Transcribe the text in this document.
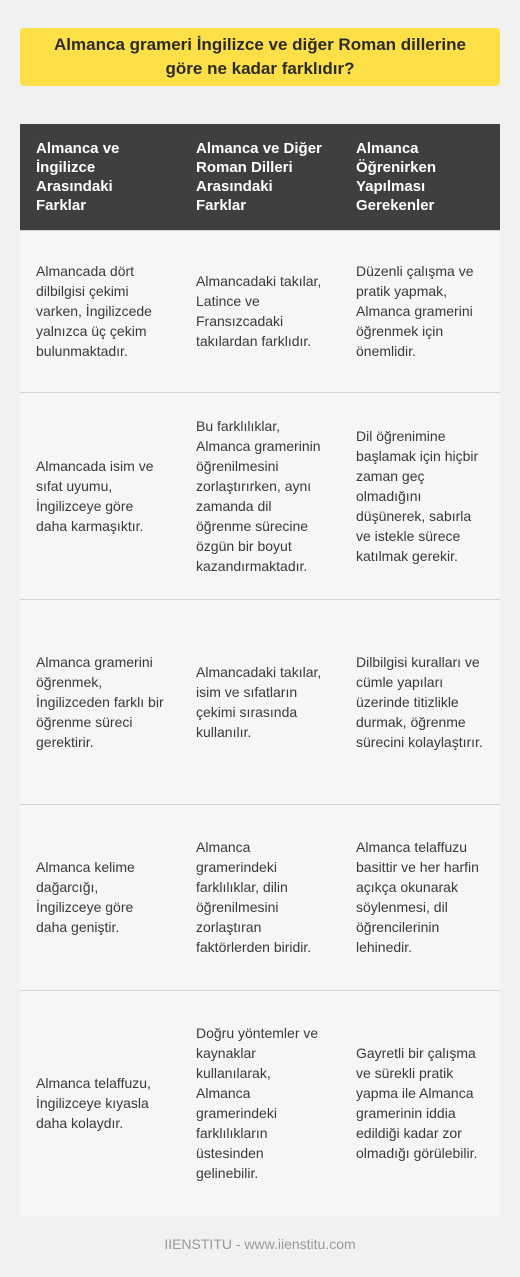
Almanca grameri İngilizce ve diğer Roman dillerine göre ne kadar farklıdır?
Almanca ve İngilizce Arasındaki Farklar	Almanca ve Diğer Roman Dilleri Arasındaki Farklar	Almanca Öğrenirken Yapılması Gerekenler
Almancada dört dilbilgisi çekimi varken, İngilizcede yalnızca üç çekim bulunmaktadır.	Almancadaki takılar, Latince ve Fransızcadaki takılardan farklıdır.	Düzenli çalışma ve pratik yapmak, Almanca gramerini öğrenmek için önemlidir.
Almancada isim ve sıfat uyumu, İngilizceye göre daha karmaşıktır.	Bu farklılıklar, Almanca gramerinin öğrenilmesini zorlaştırırken, aynı zamanda dil öğrenme sürecine özgün bir boyut kazandırmaktadır.	Dil öğrenimine başlamak için hiçbir zaman geç olmadığını düşünerek, sabırla ve istekle sürece katılmak gerekir.
Almanca gramerini öğrenmek, İngilizceden farklı bir öğrenme süreci gerektirir.	Almancadaki takılar, isim ve sıfatların çekimi sırasında kullanılır.	Dilbilgisi kuralları ve cümle yapıları üzerinde titizlikle durmak, öğrenme sürecini kolaylaştırır.
Almanca kelime dağarcığı, İngilizceye göre daha geniştir.	Almanca gramerindeki farklılıklar, dilin öğrenilmesini zorlaştıran faktörlerden biridir.	Almanca telaffuzu basittir ve her harfin açıkça okunarak söylenmesi, dil öğrencilerinin lehinedir.
Almanca telaffuzu, İngilizceye kıyasla daha kolaydır.	Doğru yöntemler ve kaynaklar kullanılarak, Almanca gramerindeki farklılıkların üstesinden gelinebilir.	Gayretli bir çalışma ve sürekli pratik yapma ile Almanca gramerinin iddia edildiği kadar zor olmadığı görülebilir.
IIENSTITU - www.iienstitu.com
